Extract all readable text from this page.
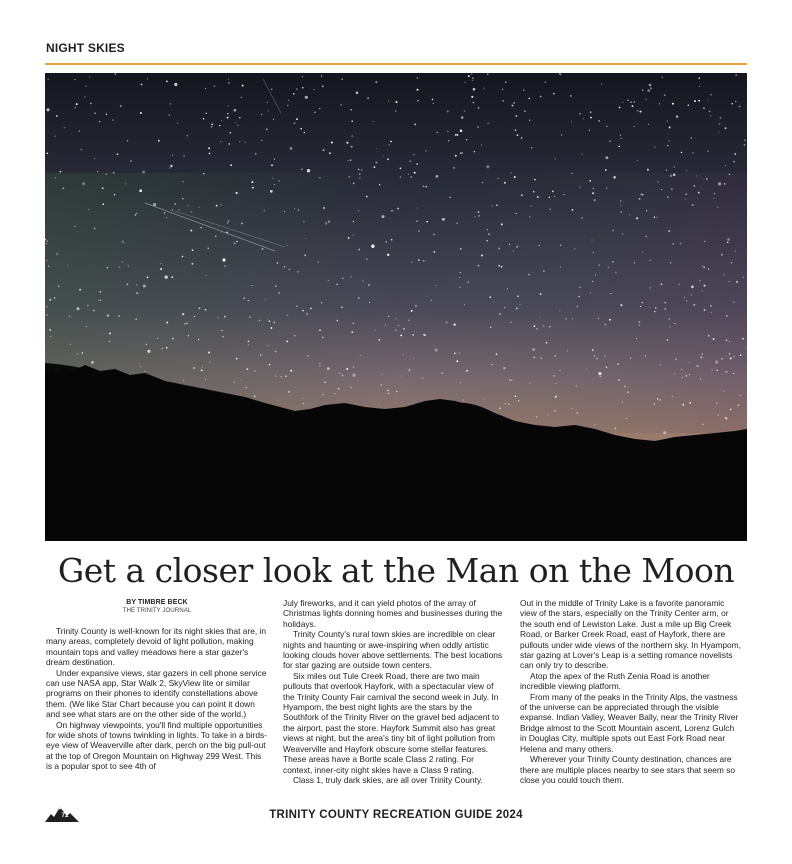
NIGHT SKIES
Get a closer look at the Man on the Moon
BY TIMBRE BECK
THE TRINITY JOURNAL

Trinity County is well-known for its night skies that are, in many areas, completely devoid of light pollution, making mountain tops and valley meadows here a star gazer's dream destination.

Under expansive views, star gazers in cell phone service can use NASA app, Star Walk 2, SkyView lite or similar programs on their phones to identify constellations above them. (We like Star Chart because you can point it down and see what stars are on the other side of the world.)

On highway viewpoints, you'll find multiple opportunities for wide shots of towns twinkling in lights. To take in a birds-eye view of Weaverville after dark, perch on the big pull-out at the top of Oregon Mountain on Highway 299 West. This is a popular spot to see 4th of

July fireworks, and it can yield photos of the array of Christmas lights donning homes and businesses during the holidays.

Trinity County's rural town skies are incredible on clear nights and haunting or awe-inspiring when oddly artistic looking clouds hover above settlements. The best locations for star gazing are outside town centers.

Six miles out Tule Creek Road, there are two main pullouts that overlook Hayfork, with a spectacular view of the Trinity County Fair carnival the second week in July. In Hyampom, the best night lights are the stars by the Southfork of the Trinity River on the gravel bed adjacent to the airport, past the store. Hayfork Summit also has great views at night, but the area's tiny bit of light pollution from Weaverville and Hayfork obscure some stellar features. These areas have a Bortle scale Class 2 rating. For context, inner-city night skies have a Class 9 rating.

Class 1, truly dark skies, are all over Trinity County.

Out in the middle of Trinity Lake is a favorite panoramic view of the stars, especially on the Trinity Center arm, or the south end of Lewiston Lake. Just a mile up Big Creek Road, or Barker Creek Road, east of Hayfork, there are pullouts under wide views of the northern sky. In Hyampom, star gazing at Lover's Leap is a setting romance novelists can only try to describe.

Atop the apex of the Ruth Zenia Road is another incredible viewing platform.

From many of the peaks in the Trinity Alps, the vastness of the universe can be appreciated through the visible expanse. Indian Valley, Weaver Bally, near the Trinity River Bridge almost to the Scott Mountain ascent, Lorenz Gulch in Douglas City, multiple spots out East Fork Road near Helena and many others.

Wherever your Trinity County destination, chances are there are multiple places nearby to see stars that seem so close you could touch them.

72	TRINITY COUNTY RECREATION GUIDE 2024
